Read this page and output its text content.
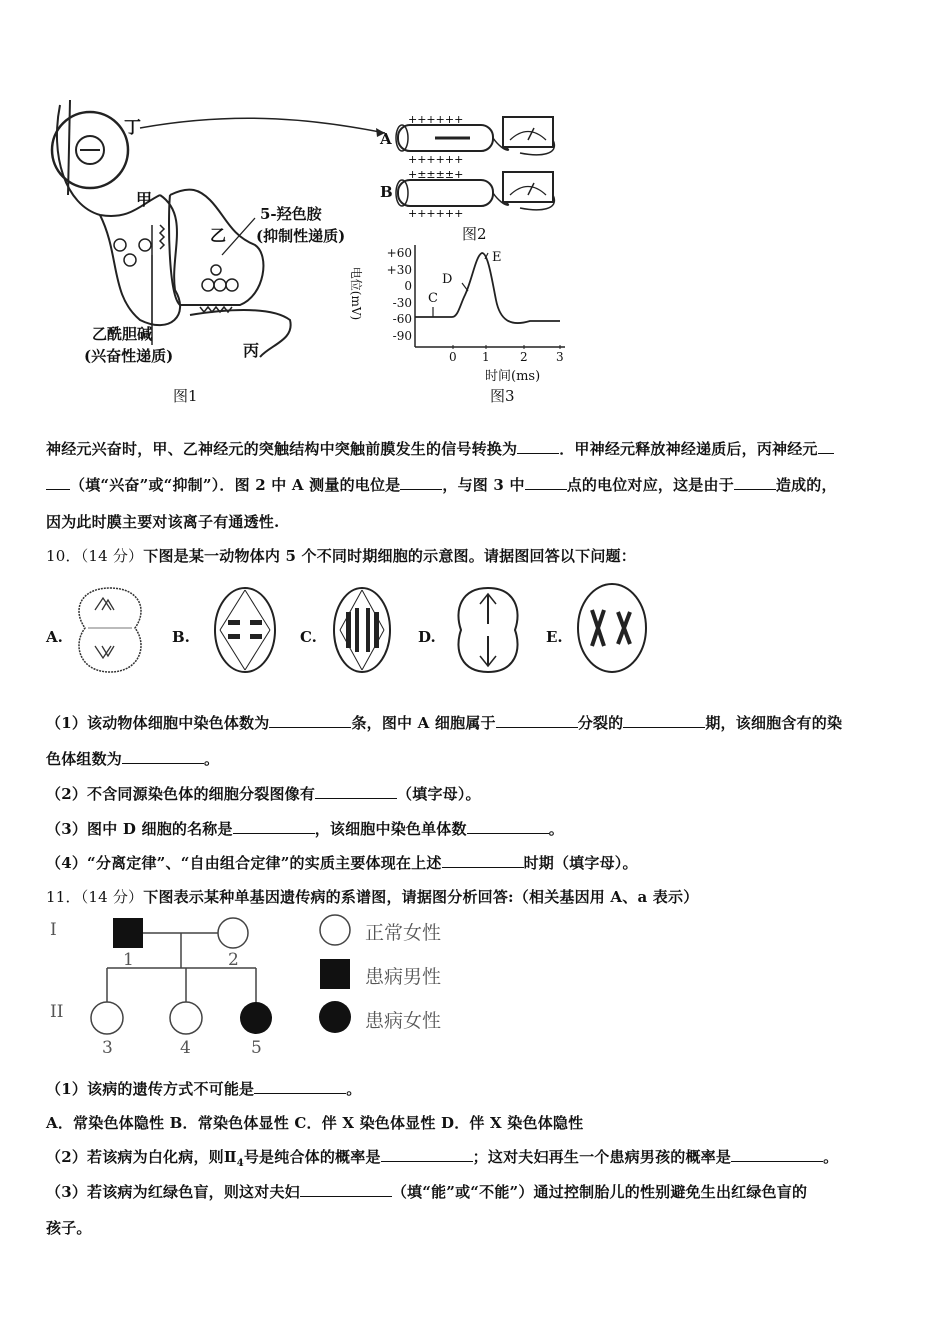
++++++
++++++
+±±±±+
++++++
丁
甲
乙
丙
5-羟色胺
(抑制性递质)
乙酰胆碱
(兴奋性递质)
图1
A
B
图2
+60
+30
0
-30
-60
-90
电位(mV)
0 1	2 3
时间(ms)
C
D
E
图3
神经元兴奋时，甲、乙神经元的突触结构中突触前膜发生的信号转换为	．甲神经元释放神经递质后，丙神经元
（填“兴奋”或“抑制”）．图 2 中 A 测量的电位是	，与图 3 中	点的电位对应，这是由于	造成的，
因为此时膜主要对该离子有通透性.
10．（14 分）下图是某一动物体内 5 个不同时期细胞的示意图。请据图回答以下问题：
A.	B.	C.	D.	E.
（1）该动物体细胞中染色体数为	条，图中 A 细胞属于	分裂的	期，该细胞含有的染
色体组数为	。
（2）不含同源染色体的细胞分裂图像有	（填字母）。
（3）图中 D 细胞的名称是	，该细胞中染色单体数	。
（4）“分离定律”、“自由组合定律”的实质主要体现在上述	时期（填字母）。
11．（14 分）下图表示某种单基因遗传病的系谱图，请据图分析回答:（相关基因用 A、a 表示）
I
II
1	2
3	4	5
正常女性
患病男性
患病女性
（1）该病的遗传方式不可能是	。
A．常染色体隐性 B．常染色体显性 C．伴 X 染色体显性 D．伴 X 染色体隐性
（2）若该病为白化病，则$Ⅱ_4$号是纯合体的概率是	；这对夫妇再生一个患病男孩的概率是	。
（3）若该病为红绿色盲，则这对夫妇	（填“能”或“不能”）通过控制胎儿的性别避免生出红绿色盲的
孩子。
